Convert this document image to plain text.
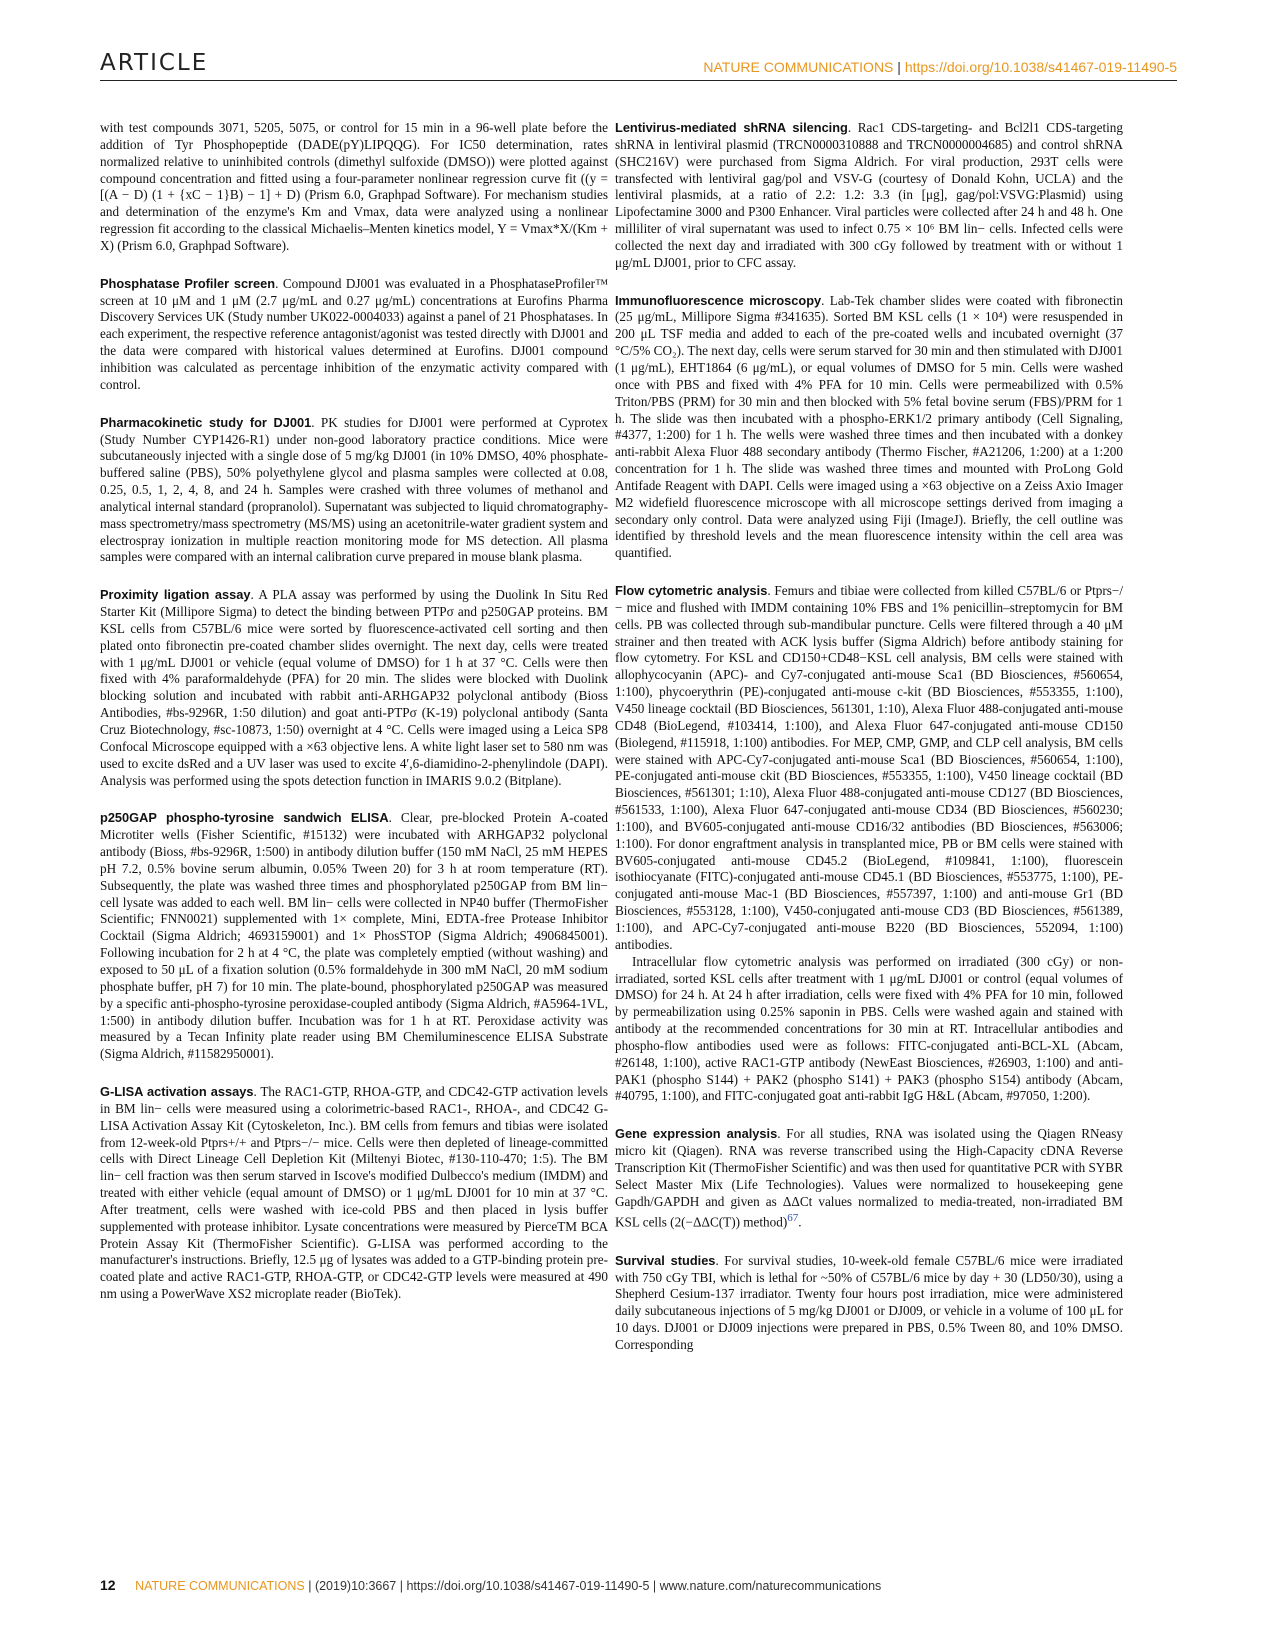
ARTICLE	NATURE COMMUNICATIONS | https://doi.org/10.1038/s41467-019-11490-5

with test compounds 3071, 5205, 5075, or control for 15 min in a 96-well plate before the addition of Tyr Phosphopeptide (DADE(pY)LIPQQG). For IC50 determination, rates normalized relative to uninhibited controls (dimethyl sulfoxide (DMSO)) were plotted against compound concentration and fitted using a four-parameter nonlinear regression curve fit ((y = [(A − D) (1 + {xC − 1}B) − 1] + D) (Prism 6.0, Graphpad Software). For mechanism studies and determination of the enzyme's Km and Vmax, data were analyzed using a nonlinear regression fit according to the classical Michaelis–Menten kinetics model, Y = Vmax*X/(Km + X) (Prism 6.0, Graphpad Software).

Phosphatase Profiler screen. Compound DJ001 was evaluated in a PhosphataseProfiler™ screen at 10 μM and 1 μM (2.7 μg/mL and 0.27 μg/mL) concentrations at Eurofins Pharma Discovery Services UK (Study number UK022-0004033) against a panel of 21 Phosphatases. In each experiment, the respective reference antagonist/agonist was tested directly with DJ001 and the data were compared with historical values determined at Eurofins. DJ001 compound inhibition was calculated as percentage inhibition of the enzymatic activity compared with control.

Pharmacokinetic study for DJ001. PK studies for DJ001 were performed at Cyprotex (Study Number CYP1426-R1) under non-good laboratory practice conditions. Mice were subcutaneously injected with a single dose of 5 mg/kg DJ001 (in 10% DMSO, 40% phosphate-buffered saline (PBS), 50% polyethylene glycol and plasma samples were collected at 0.08, 0.25, 0.5, 1, 2, 4, 8, and 24 h. Samples were crashed with three volumes of methanol and analytical internal standard (propranolol). Supernatant was subjected to liquid chromatography-mass spectrometry/mass spectrometry (MS/MS) using an acetonitrile-water gradient system and electrospray ionization in multiple reaction monitoring mode for MS detection. All plasma samples were compared with an internal calibration curve prepared in mouse blank plasma.

Proximity ligation assay. A PLA assay was performed by using the Duolink In Situ Red Starter Kit (Millipore Sigma) to detect the binding between PTPσ and p250GAP proteins. BM KSL cells from C57BL/6 mice were sorted by fluorescence-activated cell sorting and then plated onto fibronectin pre-coated chamber slides overnight. The next day, cells were treated with 1 μg/mL DJ001 or vehicle (equal volume of DMSO) for 1 h at 37 °C. Cells were then fixed with 4% paraformaldehyde (PFA) for 20 min. The slides were blocked with Duolink blocking solution and incubated with rabbit anti-ARHGAP32 polyclonal antibody (Bioss Antibodies, #bs-9296R, 1:50 dilution) and goat anti-PTPσ (K-19) polyclonal antibody (Santa Cruz Biotechnology, #sc-10873, 1:50) overnight at 4 °C. Cells were imaged using a Leica SP8 Confocal Microscope equipped with a ×63 objective lens. A white light laser set to 580 nm was used to excite dsRed and a UV laser was used to excite 4′,6-diamidino-2-phenylindole (DAPI). Analysis was performed using the spots detection function in IMARIS 9.0.2 (Bitplane).

p250GAP phospho-tyrosine sandwich ELISA. Clear, pre-blocked Protein A-coated Microtiter wells (Fisher Scientific, #15132) were incubated with ARHGAP32 polyclonal antibody (Bioss, #bs-9296R, 1:500) in antibody dilution buffer (150 mM NaCl, 25 mM HEPES pH 7.2, 0.5% bovine serum albumin, 0.05% Tween 20) for 3 h at room temperature (RT). Subsequently, the plate was washed three times and phosphorylated p250GAP from BM lin− cell lysate was added to each well. BM lin− cells were collected in NP40 buffer (ThermoFisher Scientific; FNN0021) supplemented with 1× complete, Mini, EDTA-free Protease Inhibitor Cocktail (Sigma Aldrich; 4693159001) and 1× PhosSTOP (Sigma Aldrich; 4906845001). Following incubation for 2 h at 4 °C, the plate was completely emptied (without washing) and exposed to 50 μL of a fixation solution (0.5% formaldehyde in 300 mM NaCl, 20 mM sodium phosphate buffer, pH 7) for 10 min. The plate-bound, phosphorylated p250GAP was measured by a specific anti-phospho-tyrosine peroxidase-coupled antibody (Sigma Aldrich, #A5964-1VL, 1:500) in antibody dilution buffer. Incubation was for 1 h at RT. Peroxidase activity was measured by a Tecan Infinity plate reader using BM Chemiluminescence ELISA Substrate (Sigma Aldrich, #11582950001).

G-LISA activation assays. The RAC1-GTP, RHOA-GTP, and CDC42-GTP activation levels in BM lin− cells were measured using a colorimetric-based RAC1-, RHOA-, and CDC42 G-LISA Activation Assay Kit (Cytoskeleton, Inc.). BM cells from femurs and tibias were isolated from 12-week-old Ptprs+/+ and Ptprs−/− mice. Cells were then depleted of lineage-committed cells with Direct Lineage Cell Depletion Kit (Miltenyi Biotec, #130-110-470; 1:5). The BM lin− cell fraction was then serum starved in Iscove's modified Dulbecco's medium (IMDM) and treated with either vehicle (equal amount of DMSO) or 1 μg/mL DJ001 for 10 min at 37 °C. After treatment, cells were washed with ice-cold PBS and then placed in lysis buffer supplemented with protease inhibitor. Lysate concentrations were measured by PierceTM BCA Protein Assay Kit (ThermoFisher Scientific). G-LISA was performed according to the manufacturer's instructions. Briefly, 12.5 μg of lysates was added to a GTP-binding protein pre-coated plate and active RAC1-GTP, RHOA-GTP, or CDC42-GTP levels were measured at 490 nm using a PowerWave XS2 microplate reader (BioTek).

Lentivirus-mediated shRNA silencing. Rac1 CDS-targeting- and Bcl2l1 CDS-targeting shRNA in lentiviral plasmid (TRCN0000310888 and TRCN0000004685) and control shRNA (SHC216V) were purchased from Sigma Aldrich. For viral production, 293T cells were transfected with lentiviral gag/pol and VSV-G (courtesy of Donald Kohn, UCLA) and the lentiviral plasmids, at a ratio of 2.2: 1.2: 3.3 (in [μg], gag/pol:VSVG:Plasmid) using Lipofectamine 3000 and P300 Enhancer. Viral particles were collected after 24 h and 48 h. One milliliter of viral supernatant was used to infect 0.75 × 10⁶ BM lin− cells. Infected cells were collected the next day and irradiated with 300 cGy followed by treatment with or without 1 μg/mL DJ001, prior to CFC assay.

Immunofluorescence microscopy. Lab-Tek chamber slides were coated with fibronectin (25 μg/mL, Millipore Sigma #341635). Sorted BM KSL cells (1 × 10⁴) were resuspended in 200 μL TSF media and added to each of the pre-coated wells and incubated overnight (37 °C/5% CO₂). The next day, cells were serum starved for 30 min and then stimulated with DJ001 (1 μg/mL), EHT1864 (6 μg/mL), or equal volumes of DMSO for 5 min. Cells were washed once with PBS and fixed with 4% PFA for 10 min. Cells were permeabilized with 0.5% Triton/PBS (PRM) for 30 min and then blocked with 5% fetal bovine serum (FBS)/PRM for 1 h. The slide was then incubated with a phospho-ERK1/2 primary antibody (Cell Signaling, #4377, 1:200) for 1 h. The wells were washed three times and then incubated with a donkey anti-rabbit Alexa Fluor 488 secondary antibody (Thermo Fischer, #A21206, 1:200) at a 1:200 concentration for 1 h. The slide was washed three times and mounted with ProLong Gold Antifade Reagent with DAPI. Cells were imaged using a ×63 objective on a Zeiss Axio Imager M2 widefield fluorescence microscope with all microscope settings derived from imaging a secondary only control. Data were analyzed using Fiji (ImageJ). Briefly, the cell outline was identified by threshold levels and the mean fluorescence intensity within the cell area was quantified.

Flow cytometric analysis. Femurs and tibiae were collected from killed C57BL/6 or Ptprs−/− mice and flushed with IMDM containing 10% FBS and 1% penicillin–streptomycin for BM cells. PB was collected through sub-mandibular puncture. Cells were filtered through a 40 μM strainer and then treated with ACK lysis buffer (Sigma Aldrich) before antibody staining for flow cytometry. For KSL and CD150+CD48−KSL cell analysis, BM cells were stained with allophycocyanin (APC)- and Cy7-conjugated anti-mouse Sca1 (BD Biosciences, #560654, 1:100), phycoerythrin (PE)-conjugated anti-mouse c-kit (BD Biosciences, #553355, 1:100), V450 lineage cocktail (BD Biosciences, 561301, 1:10), Alexa Fluor 488-conjugated anti-mouse CD48 (BioLegend, #103414, 1:100), and Alexa Fluor 647-conjugated anti-mouse CD150 (Biolegend, #115918, 1:100) antibodies. For MEP, CMP, GMP, and CLP cell analysis, BM cells were stained with APC-Cy7-conjugated anti-mouse Sca1 (BD Biosciences, #560654, 1:100), PE-conjugated anti-mouse ckit (BD Biosciences, #553355, 1:100), V450 lineage cocktail (BD Biosciences, #561301; 1:10), Alexa Fluor 488-conjugated anti-mouse CD127 (BD Biosciences, #561533, 1:100), Alexa Fluor 647-conjugated anti-mouse CD34 (BD Biosciences, #560230; 1:100), and BV605-conjugated anti-mouse CD16/32 antibodies (BD Biosciences, #563006; 1:100). For donor engraftment analysis in transplanted mice, PB or BM cells were stained with BV605-conjugated anti-mouse CD45.2 (BioLegend, #109841, 1:100), fluorescein isothiocyanate (FITC)-conjugated anti-mouse CD45.1 (BD Biosciences, #553775, 1:100), PE-conjugated anti-mouse Mac-1 (BD Biosciences, #557397, 1:100) and anti-mouse Gr1 (BD Biosciences, #553128, 1:100), V450-conjugated anti-mouse CD3 (BD Biosciences, #561389, 1:100), and APC-Cy7-conjugated anti-mouse B220 (BD Biosciences, 552094, 1:100) antibodies.

Intracellular flow cytometric analysis was performed on irradiated (300 cGy) or non-irradiated, sorted KSL cells after treatment with 1 μg/mL DJ001 or control (equal volumes of DMSO) for 24 h. At 24 h after irradiation, cells were fixed with 4% PFA for 10 min, followed by permeabilization using 0.25% saponin in PBS. Cells were washed again and stained with antibody at the recommended concentrations for 30 min at RT. Intracellular antibodies and phospho-flow antibodies used were as follows: FITC-conjugated anti-BCL-XL (Abcam, #26148, 1:100), active RAC1-GTP antibody (NewEast Biosciences, #26903, 1:100) and anti-PAK1 (phospho S144) + PAK2 (phospho S141) + PAK3 (phospho S154) antibody (Abcam, #40795, 1:100), and FITC-conjugated goat anti-rabbit IgG H&L (Abcam, #97050, 1:200).

Gene expression analysis. For all studies, RNA was isolated using the Qiagen RNeasy micro kit (Qiagen). RNA was reverse transcribed using the High-Capacity cDNA Reverse Transcription Kit (ThermoFisher Scientific) and was then used for quantitative PCR with SYBR Select Master Mix (Life Technologies). Values were normalized to housekeeping gene Gapdh/GAPDH and given as ΔΔCt values normalized to media-treated, non-irradiated BM KSL cells (2(−ΔΔC(T)) method)$^{67}$.

Survival studies. For survival studies, 10-week-old female C57BL/6 mice were irradiated with 750 cGy TBI, which is lethal for ~50% of C57BL/6 mice by day + 30 (LD50/30), using a Shepherd Cesium-137 irradiator. Twenty four hours post irradiation, mice were administered daily subcutaneous injections of 5 mg/kg DJ001 or DJ009, or vehicle in a volume of 100 μL for 10 days. DJ001 or DJ009 injections were prepared in PBS, 0.5% Tween 80, and 10% DMSO. Corresponding

12 NATURE COMMUNICATIONS | (2019)10:3667 | https://doi.org/10.1038/s41467-019-11490-5 | www.nature.com/naturecommunications
